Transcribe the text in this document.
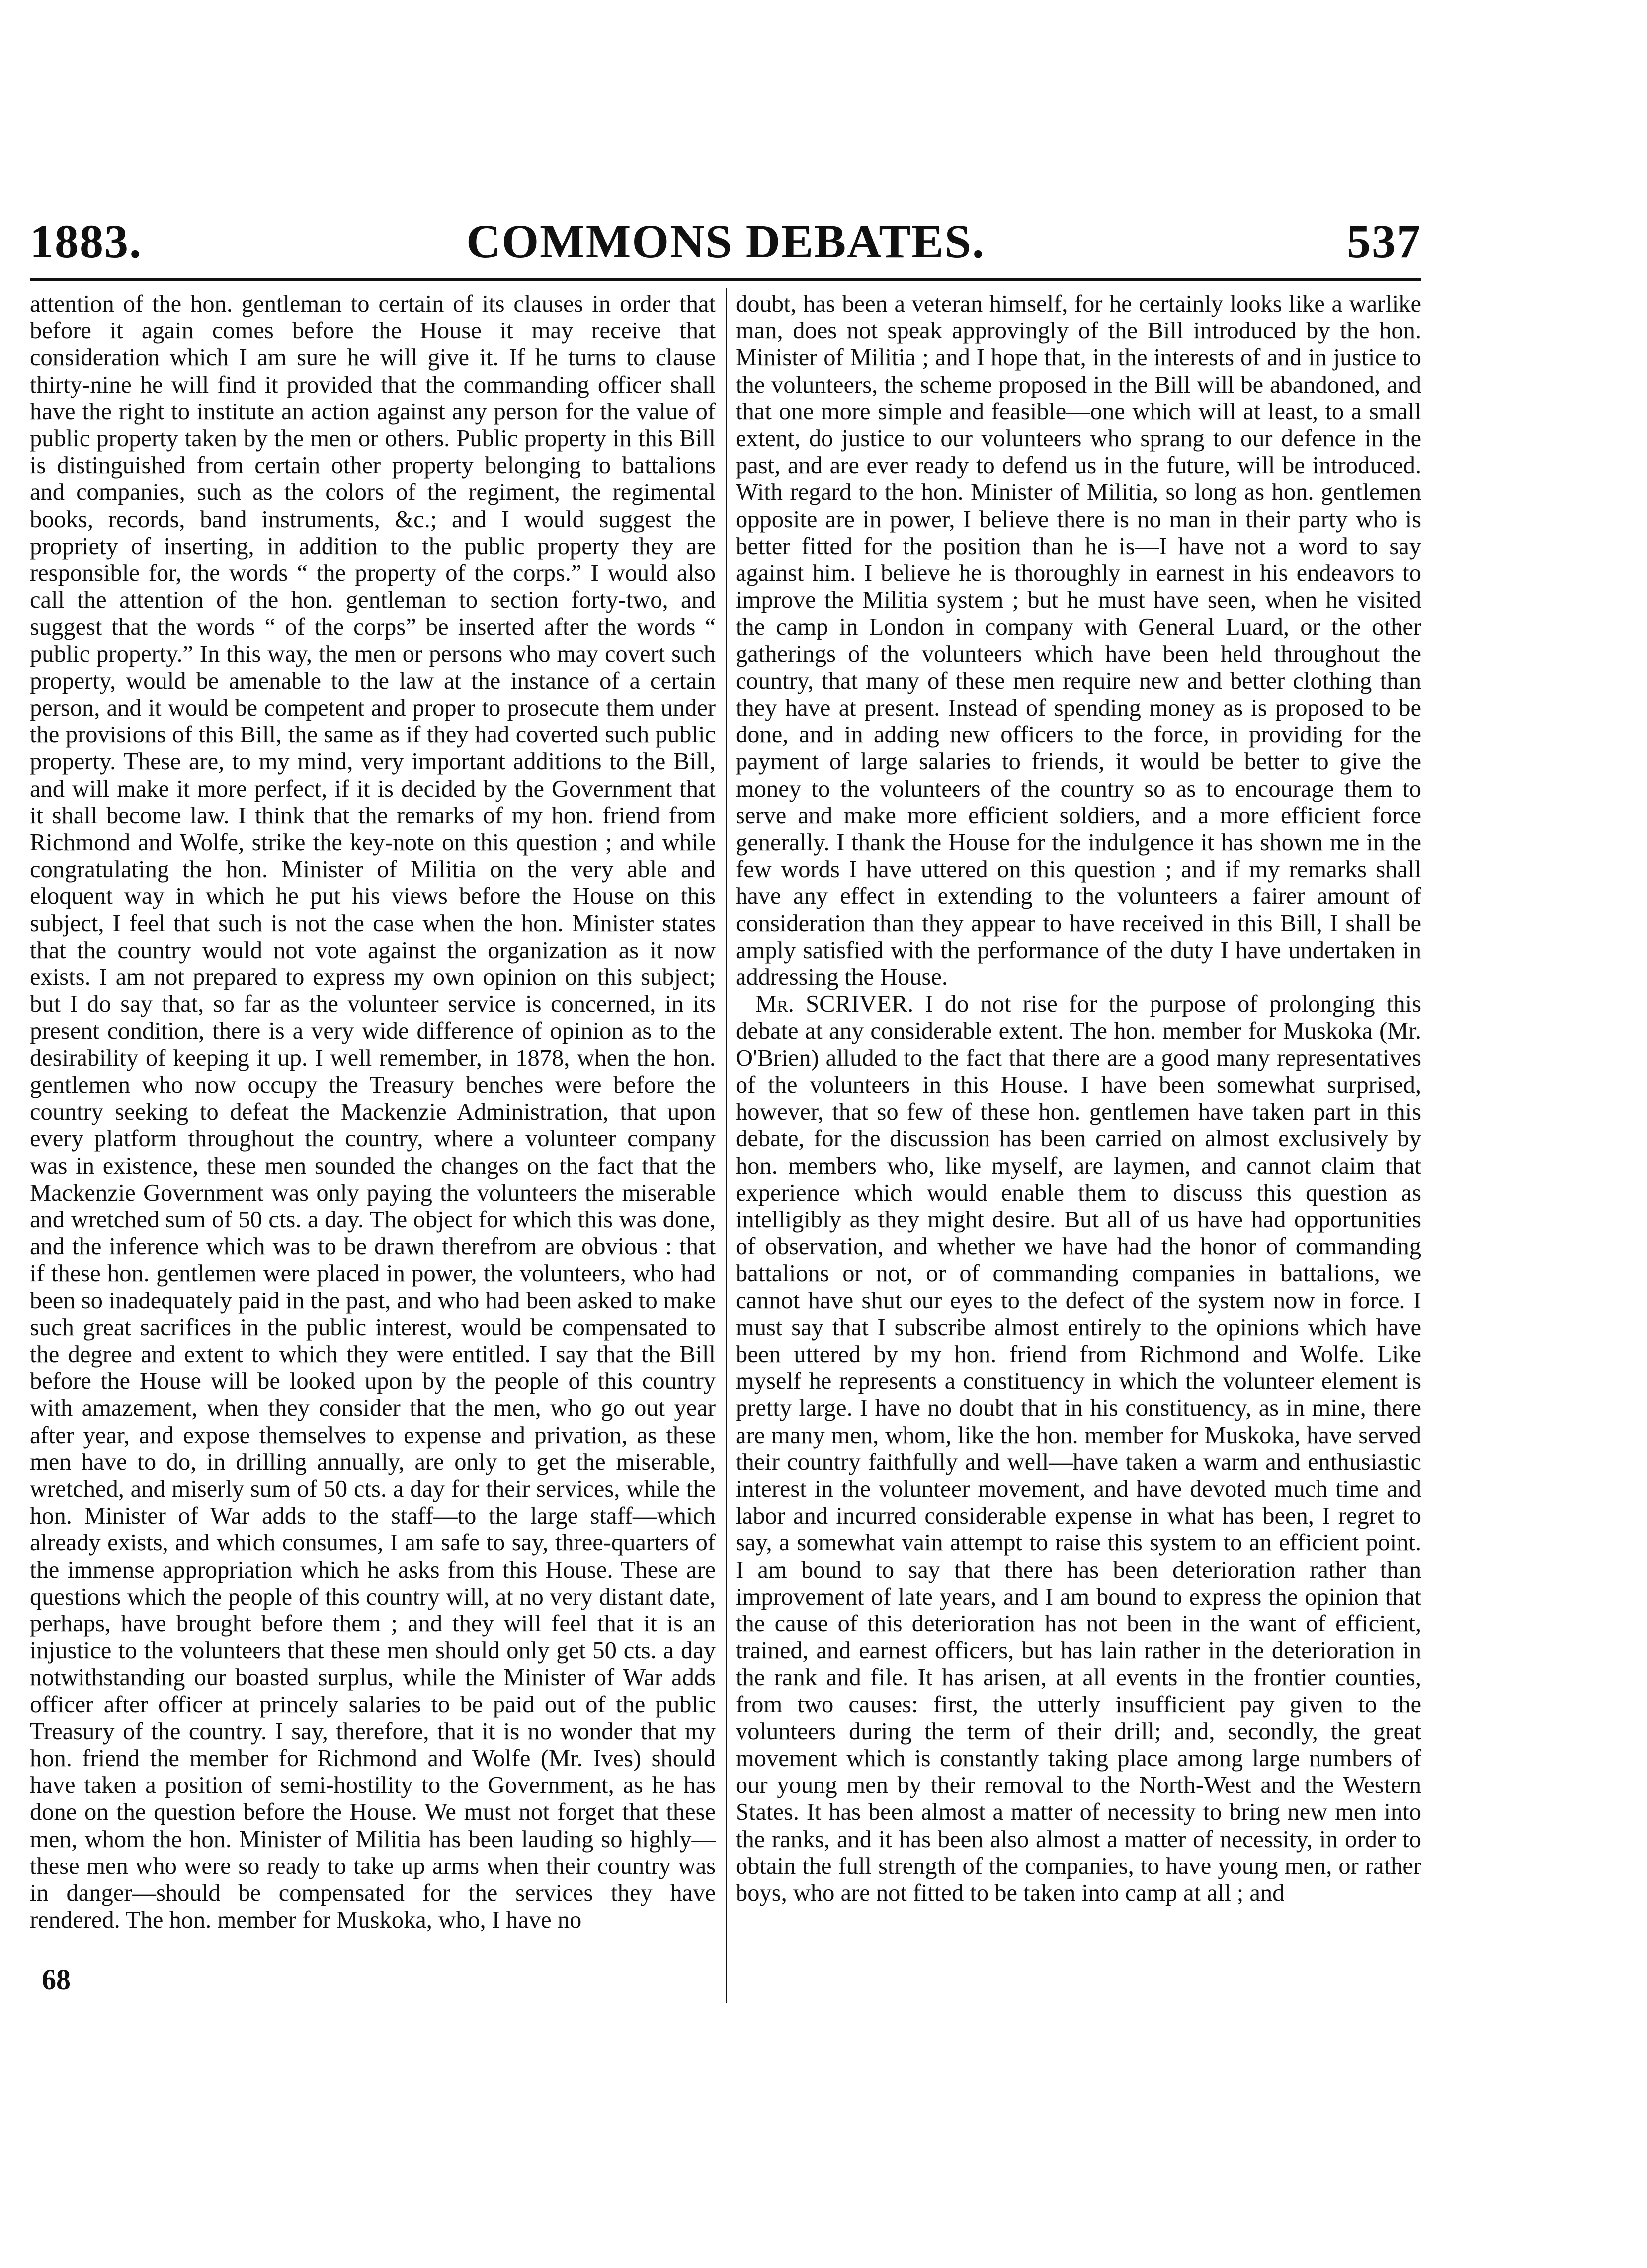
1883.	COMMONS DEBATES.	537

attention of the hon. gentleman to certain of its clauses in order that before it again comes before the House it may receive that consideration which I am sure he will give it. If he turns to clause thirty-nine he will find it provided that the commanding officer shall have the right to institute an action against any person for the value of public property taken by the men or others. Public property in this Bill is distinguished from certain other property belonging to battalions and companies, such as the colors of the regiment, the regimental books, records, band instruments, &c.; and I would suggest the propriety of inserting, in addition to the public property they are responsible for, the words “ the property of the corps.” I would also call the attention of the hon. gentleman to section forty-two, and suggest that the words “ of the corps” be inserted after the words “ public property.” In this way, the men or persons who may covert such property, would be amenable to the law at the instance of a certain person, and it would be competent and proper to prosecute them under the provisions of this Bill, the same as if they had coverted such public property. These are, to my mind, very important additions to the Bill, and will make it more perfect, if it is decided by the Government that it shall become law. I think that the remarks of my hon. friend from Richmond and Wolfe, strike the key-note on this question ; and while congratulating the hon. Minister of Militia on the very able and eloquent way in which he put his views before the House on this subject, I feel that such is not the case when the hon. Minister states that the country would not vote against the organization as it now exists. I am not prepared to express my own opinion on this subject; but I do say that, so far as the volunteer service is concerned, in its present condition, there is a very wide difference of opinion as to the desirability of keeping it up. I well remember, in 1878, when the hon. gentlemen who now occupy the Treasury benches were before the country seeking to defeat the Mackenzie Administration, that upon every platform throughout the country, where a volunteer company was in existence, these men sounded the changes on the fact that the Mackenzie Government was only paying the volunteers the miserable and wretched sum of 50 cts. a day. The object for which this was done, and the inference which was to be drawn therefrom are obvious : that if these hon. gentlemen were placed in power, the volunteers, who had been so inadequately paid in the past, and who had been asked to make such great sacrifices in the public interest, would be compensated to the degree and extent to which they were entitled. I say that the Bill before the House will be looked upon by the people of this country with amazement, when they consider that the men, who go out year after year, and expose themselves to expense and privation, as these men have to do, in drilling annually, are only to get the miserable, wretched, and miserly sum of 50 cts. a day for their services, while the hon. Minister of War adds to the staff—to the large staff—which already exists, and which consumes, I am safe to say, three-quarters of the immense appropriation which he asks from this House. These are questions which the people of this country will, at no very distant date, perhaps, have brought before them ; and they will feel that it is an injustice to the volunteers that these men should only get 50 cts. a day notwithstanding our boasted surplus, while the Minister of War adds officer after officer at princely salaries to be paid out of the public Treasury of the country. I say, therefore, that it is no wonder that my hon. friend the member for Richmond and Wolfe (Mr. Ives) should have taken a position of semi-hostility to the Government, as he has done on the question before the House. We must not forget that these men, whom the hon. Minister of Militia has been lauding so highly—these men who were so ready to take up arms when their country was in danger—should be compensated for the services they have rendered. The hon. member for Muskoka, who, I have no

doubt, has been a veteran himself, for he certainly looks like a warlike man, does not speak approvingly of the Bill introduced by the hon. Minister of Militia ; and I hope that, in the interests of and in justice to the volunteers, the scheme proposed in the Bill will be abandoned, and that one more simple and feasible—one which will at least, to a small extent, do justice to our volunteers who sprang to our defence in the past, and are ever ready to defend us in the future, will be introduced. With regard to the hon. Minister of Militia, so long as hon. gentlemen opposite are in power, I believe there is no man in their party who is better fitted for the position than he is—I have not a word to say against him. I believe he is thoroughly in earnest in his endeavors to improve the Militia system ; but he must have seen, when he visited the camp in London in company with General Luard, or the other gatherings of the volunteers which have been held throughout the country, that many of these men require new and better clothing than they have at present. Instead of spending money as is proposed to be done, and in adding new officers to the force, in providing for the payment of large salaries to friends, it would be better to give the money to the volunteers of the country so as to encourage them to serve and make more efficient soldiers, and a more efficient force generally. I thank the House for the indulgence it has shown me in the few words I have uttered on this question ; and if my remarks shall have any effect in extending to the volunteers a fairer amount of consideration than they appear to have received in this Bill, I shall be amply satisfied with the performance of the duty I have undertaken in addressing the House.

Mr. SCRIVER. I do not rise for the purpose of prolonging this debate at any considerable extent. The hon. member for Muskoka (Mr. O'Brien) alluded to the fact that there are a good many representatives of the volunteers in this House. I have been somewhat surprised, however, that so few of these hon. gentlemen have taken part in this debate, for the discussion has been carried on almost exclusively by hon. members who, like myself, are laymen, and cannot claim that experience which would enable them to discuss this question as intelligibly as they might desire. But all of us have had opportunities of observation, and whether we have had the honor of commanding battalions or not, or of commanding companies in battalions, we cannot have shut our eyes to the defect of the system now in force. I must say that I subscribe almost entirely to the opinions which have been uttered by my hon. friend from Richmond and Wolfe. Like myself he represents a constituency in which the volunteer element is pretty large. I have no doubt that in his constituency, as in mine, there are many men, whom, like the hon. member for Muskoka, have served their country faithfully and well—have taken a warm and enthusiastic interest in the volunteer movement, and have devoted much time and labor and incurred considerable expense in what has been, I regret to say, a somewhat vain attempt to raise this system to an efficient point. I am bound to say that there has been deterioration rather than improvement of late years, and I am bound to express the opinion that the cause of this deterioration has not been in the want of efficient, trained, and earnest officers, but has lain rather in the deterioration in the rank and file. It has arisen, at all events in the frontier counties, from two causes: first, the utterly insufficient pay given to the volunteers during the term of their drill; and, secondly, the great movement which is constantly taking place among large numbers of our young men by their removal to the North-West and the Western States. It has been almost a matter of necessity to bring new men into the ranks, and it has been also almost a matter of necessity, in order to obtain the full strength of the companies, to have young men, or rather boys, who are not fitted to be taken into camp at all ; and

68
